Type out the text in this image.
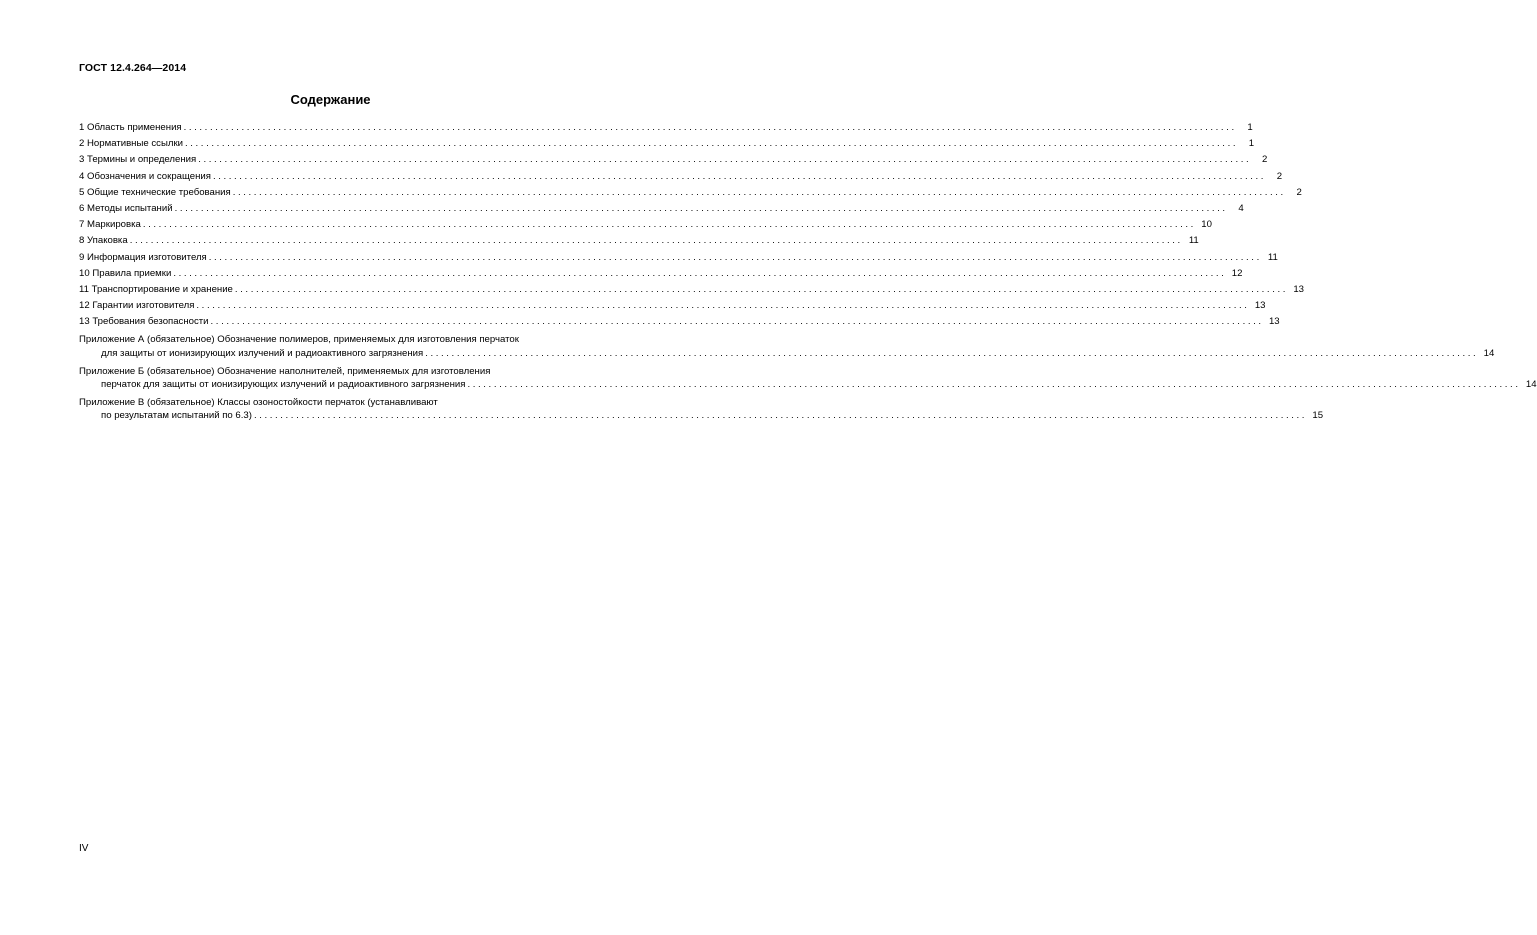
ГОСТ 12.4.264—2014
Содержание
1 Область применения ........................................................................................................................................................................................................	1
2 Нормативные ссылки ........................................................................................................................................................................................................	1
3 Термины и определения ........................................................................................................................................................................................................	2
4 Обозначения и сокращения ........................................................................................................................................................................................................	2
5 Общие технические требования ........................................................................................................................................................................................................	2
6 Методы испытаний ........................................................................................................................................................................................................	4
7 Маркировка ........................................................................................................................................................................................................ 10
8 Упаковка ........................................................................................................................................................................................................ 11
9 Информация изготовителя ........................................................................................................................................................................................................ 11
10 Правила приемки ........................................................................................................................................................................................................ 12
11 Транспортирование и хранение ........................................................................................................................................................................................................ 13
12 Гарантии изготовителя ........................................................................................................................................................................................................ 13
13 Требования безопасности ........................................................................................................................................................................................................ 13
Приложение А (обязательное) Обозначение полимеров, применяемых для изготовления перчаток
для защиты от ионизирующих излучений и радиоактивного загрязнения ........................................................................................................................................................................................................ 14
Приложение Б (обязательное) Обозначение наполнителей, применяемых для изготовления
перчаток для защиты от ионизирующих излучений и радиоактивного загрязнения ........................................................................................................................................................................................................ 14
Приложение В (обязательное) Классы озоностойкости перчаток (устанавливают
по результатам испытаний по 6.3) ........................................................................................................................................................................................................ 15
IV
